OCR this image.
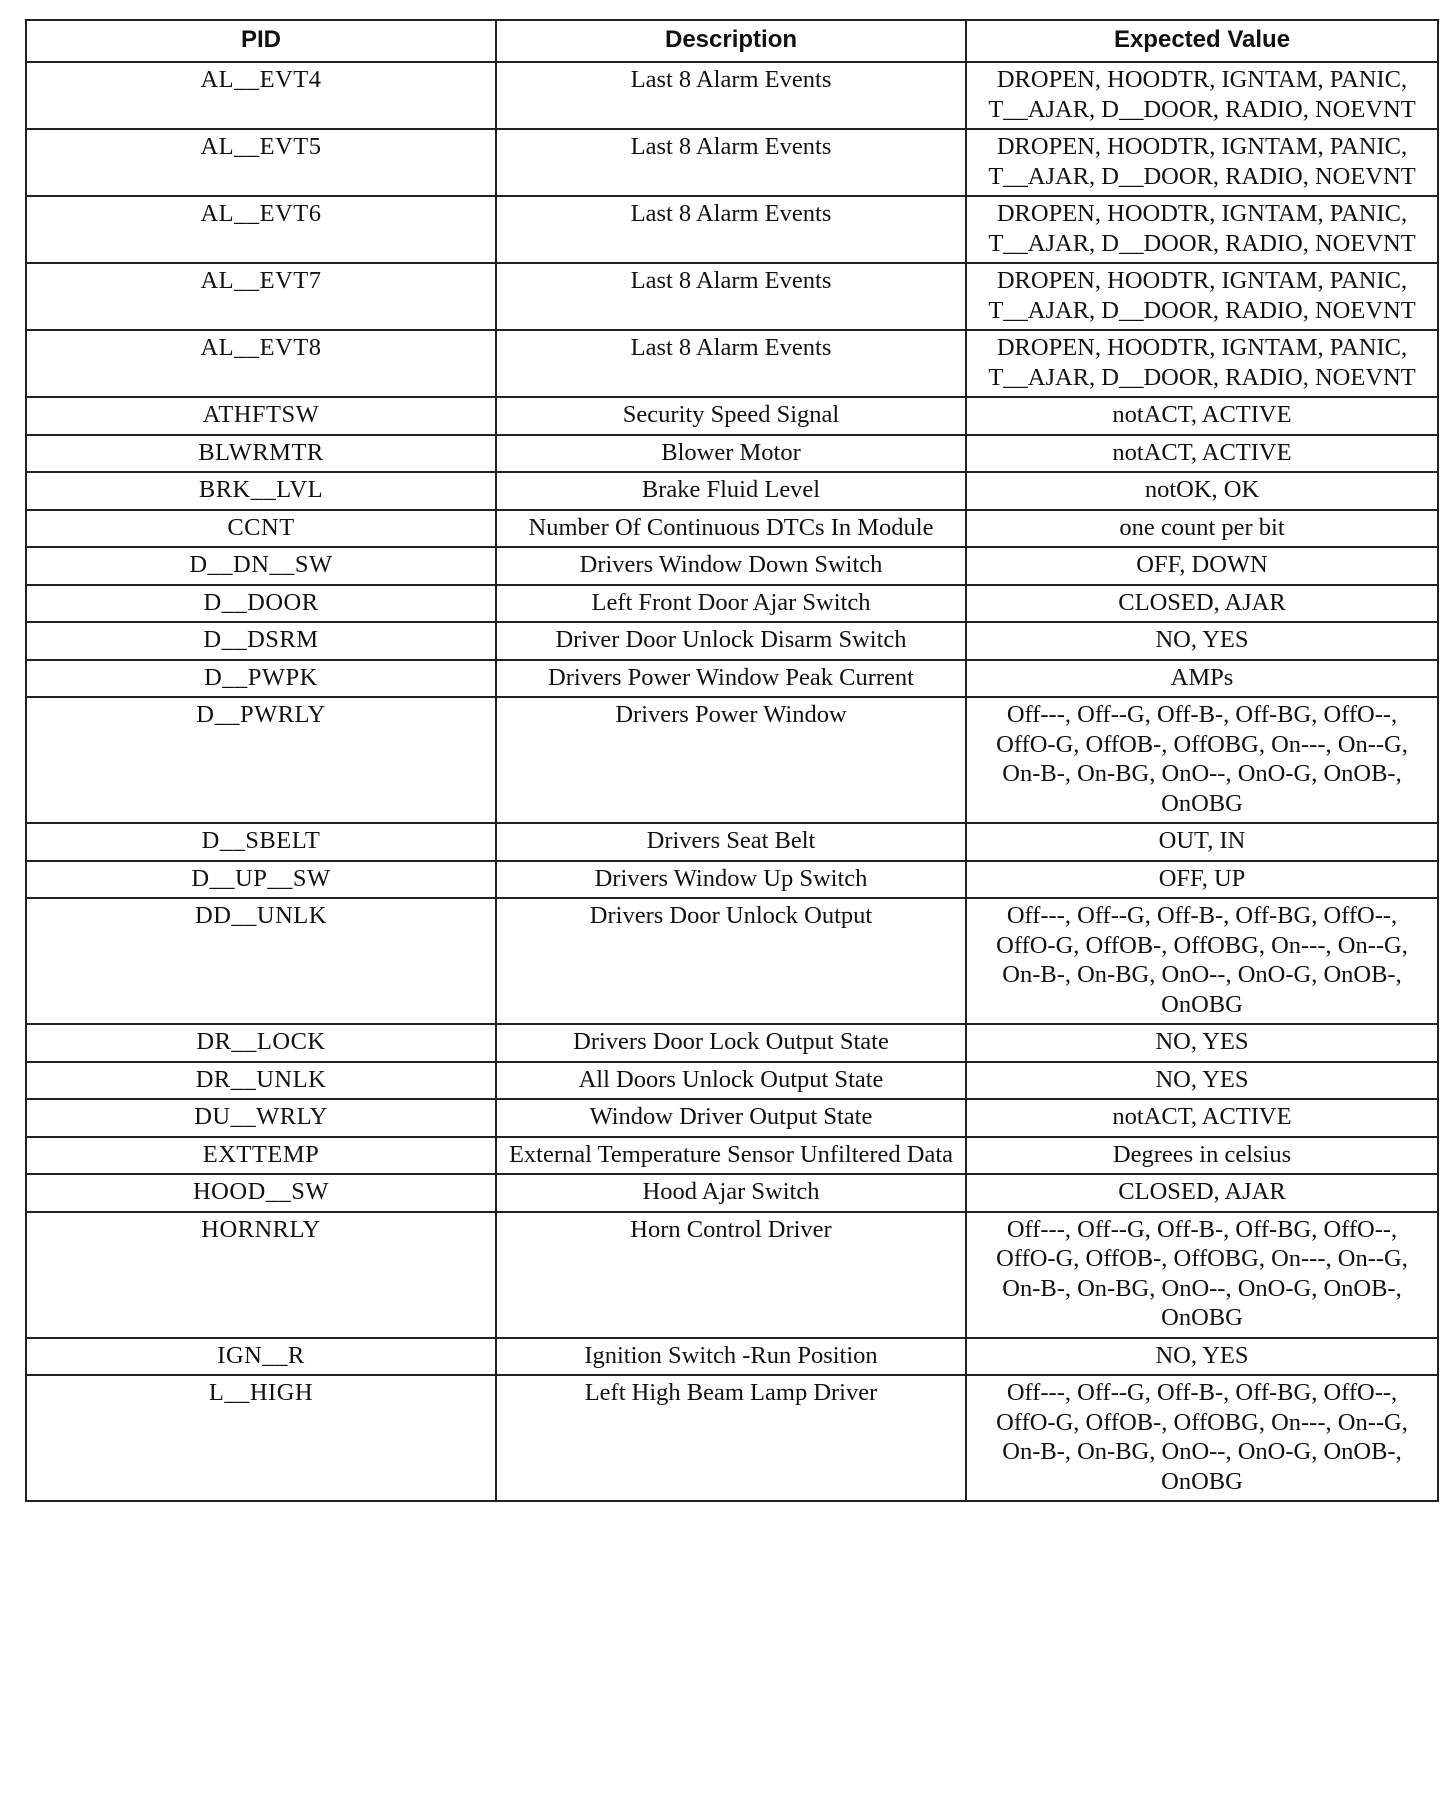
PID	Description	Expected Value
AL__EVT4	Last 8 Alarm Events	DROPEN, HOODTR, IGNTAM, PANIC, T__AJAR, D__DOOR, RADIO, NOEVNT
AL__EVT5	Last 8 Alarm Events	DROPEN, HOODTR, IGNTAM, PANIC, T__AJAR, D__DOOR, RADIO, NOEVNT
AL__EVT6	Last 8 Alarm Events	DROPEN, HOODTR, IGNTAM, PANIC, T__AJAR, D__DOOR, RADIO, NOEVNT
AL__EVT7	Last 8 Alarm Events	DROPEN, HOODTR, IGNTAM, PANIC, T__AJAR, D__DOOR, RADIO, NOEVNT
AL__EVT8	Last 8 Alarm Events	DROPEN, HOODTR, IGNTAM, PANIC, T__AJAR, D__DOOR, RADIO, NOEVNT
ATHFTSW	Security Speed Signal	notACT, ACTIVE
BLWRMTR	Blower Motor	notACT, ACTIVE
BRK__LVL	Brake Fluid Level	notOK, OK
CCNT	Number Of Continuous DTCs In Module	one count per bit
D__DN__SW	Drivers Window Down Switch	OFF, DOWN
D__DOOR	Left Front Door Ajar Switch	CLOSED, AJAR
D__DSRM	Driver Door Unlock Disarm Switch	NO, YES
D__PWPK	Drivers Power Window Peak Current	AMPs
D__PWRLY	Drivers Power Window	Off---, Off--G, Off-B-, Off-BG, OffO--, OffO-G, OffOB-, OffOBG, On---, On--G, On-B-, On-BG, OnO--, OnO-G, OnOB-, OnOBG
D__SBELT	Drivers Seat Belt	OUT, IN
D__UP__SW	Drivers Window Up Switch	OFF, UP
DD__UNLK	Drivers Door Unlock Output	Off---, Off--G, Off-B-, Off-BG, OffO--, OffO-G, OffOB-, OffOBG, On---, On--G, On-B-, On-BG, OnO--, OnO-G, OnOB-, OnOBG
DR__LOCK	Drivers Door Lock Output State	NO, YES
DR__UNLK	All Doors Unlock Output State	NO, YES
DU__WRLY	Window Driver Output State	notACT, ACTIVE
EXTTEMP	External Temperature Sensor Unfiltered Data	Degrees in celsius
HOOD__SW	Hood Ajar Switch	CLOSED, AJAR
HORNRLY	Horn Control Driver	Off---, Off--G, Off-B-, Off-BG, OffO--, OffO-G, OffOB-, OffOBG, On---, On--G, On-B-, On-BG, OnO--, OnO-G, OnOB-, OnOBG
IGN__R	Ignition Switch -Run Position	NO, YES
L__HIGH	Left High Beam Lamp Driver	Off---, Off--G, Off-B-, Off-BG, OffO--, OffO-G, OffOB-, OffOBG, On---, On--G, On-B-, On-BG, OnO--, OnO-G, OnOB-, OnOBG
